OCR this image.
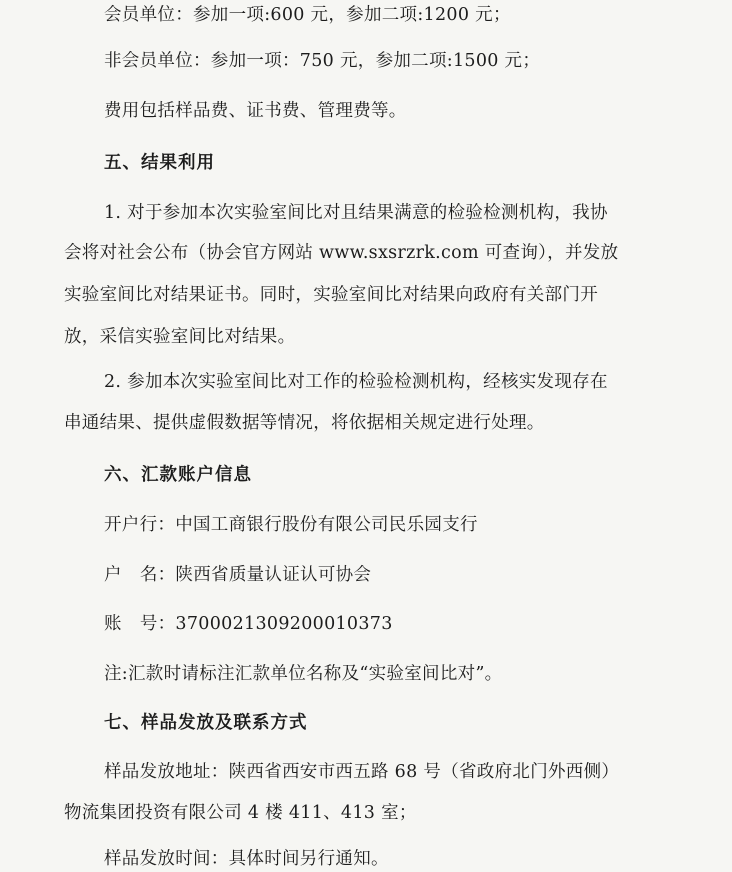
会员单位：参加一项:600 元，参加二项:1200 元；
非会员单位：参加一项：750 元，参加二项:1500 元；
费用包括样品费、证书费、管理费等。
五、结果利用
1. 对于参加本次实验室间比对且结果满意的检验检测机构，我协
会将对社会公布（协会官方网站 www.sxsrzrk.com 可查询），并发放
实验室间比对结果证书。同时，实验室间比对结果向政府有关部门开
放，采信实验室间比对结果。
2. 参加本次实验室间比对工作的检验检测机构，经核实发现存在
串通结果、提供虚假数据等情况，将依据相关规定进行处理。
六、汇款账户信息
开户行：中国工商银行股份有限公司民乐园支行
户 名：陕西省质量认证认可协会
账 号：3700021309200010373
注:汇款时请标注汇款单位名称及“实验室间比对”。
七、样品发放及联系方式
样品发放地址：陕西省西安市西五路 68 号（省政府北门外西侧）
物流集团投资有限公司 4 楼 411、413 室；
样品发放时间：具体时间另行通知。
